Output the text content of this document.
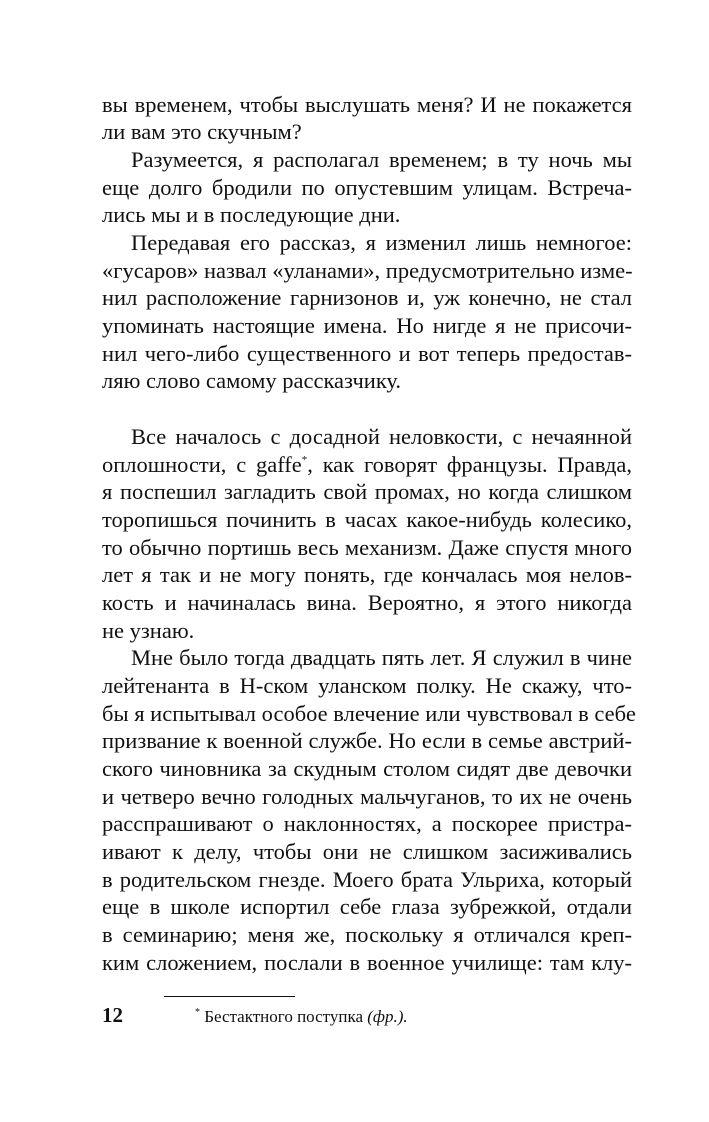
вы временем, чтобы выслушать меня? И не покажется
ли вам это скучным?
Разумеется, я располагал временем; в ту ночь мы
еще долго бродили по опустевшим улицам. Встреча-
лись мы и в последующие дни.
Передавая его рассказ, я изменил лишь немногое:
«гусаров» назвал «уланами», предусмотрительно изме-
нил расположение гарнизонов и, уж конечно, не стал
упоминать настоящие имена. Но нигде я не присочи-
нил чего-либо существенного и вот теперь предостав-
ляю слово самому рассказчику.
Все началось с досадной неловкости, с нечаянной
оплошности, с gaffe*, как говорят французы. Правда,
я поспешил загладить свой промах, но когда слишком
торопишься починить в часах какое-нибудь колесико,
то обычно портишь весь механизм. Даже спустя много
лет я так и не могу понять, где кончалась моя нелов-
кость и начиналась вина. Вероятно, я этого никогда
не узнаю.
Мне было тогда двадцать пять лет. Я служил в чине
лейтенанта в Н-ском уланском полку. Не скажу, что-
бы я испытывал особое влечение или чувствовал в себе
призвание к военной службе. Но если в семье австрий-
ского чиновника за скудным столом сидят две девочки
и четверо вечно голодных мальчуганов, то их не очень
расспрашивают о наклонностях, а поскорее пристра-
ивают к делу, чтобы они не слишком засиживались
в родительском гнезде. Моего брата Ульриха, который
еще в школе испортил себе глаза зубрежкой, отдали
в семинарию; меня же, поскольку я отличался креп-
ким сложением, послали в военное училище: там клу-
12	* Бестактного поступка (фр.).
